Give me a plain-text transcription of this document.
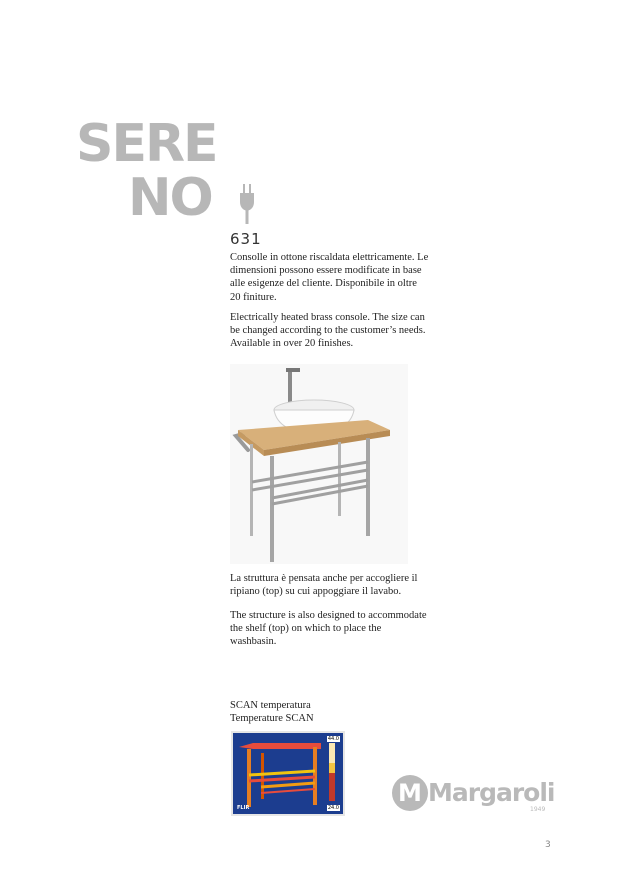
SERE
NO
631

Consolle in ottone riscaldata elettricamente. Le dimensioni possono essere modificate in base alle esigenze del cliente. Disponibile in oltre 20 finiture.

Electrically heated brass console. The size can be changed according to the customer’s needs. Available in over 20 finishes.

La struttura è pensata anche per accogliere il ripiano (top) su cui appoggiare il lavabo.

The structure is also designed to accommodate the shelf (top) on which to place the washbasin.

SCAN temperatura
Temperature SCAN
44.0
24.0
FLIR
M Margaroli
1949
3
